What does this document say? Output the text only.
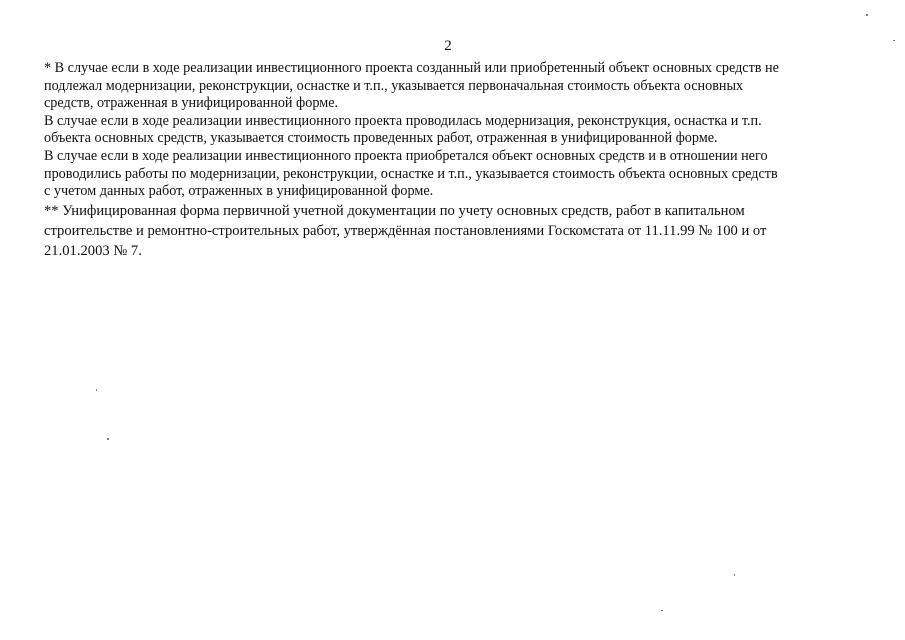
2

* В случае если в ходе реализации инвестиционного проекта созданный или приобретенный объект основных средств не
подлежал модернизации, реконструкции, оснастке и т.п., указывается первоначальная стоимость объекта основных
средств, отраженная в унифицированной форме.

В случае если в ходе реализации инвестиционного проекта проводилась модернизация, реконструкция, оснастка и т.п.
объекта основных средств, указывается стоимость проведенных работ, отраженная в унифицированной форме.

В случае если в ходе реализации инвестиционного проекта приобретался объект основных средств и в отношении него
проводились работы по модернизации, реконструкции, оснастке и т.п., указывается стоимость объекта основных средств
с учетом данных работ, отраженных в унифицированной форме.

** Унифицированная форма первичной учетной документации по учету основных средств, работ в капитальном
строительстве и ремонтно-строительных работ, утверждённая постановлениями Госкомстата от 11.11.99 № 100 и от
21.01.2003 № 7.
